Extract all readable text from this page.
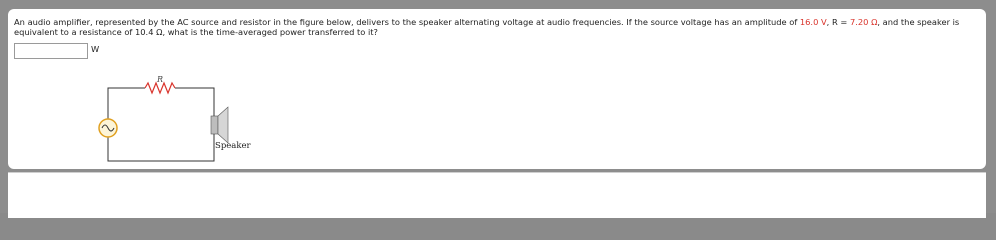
An audio amplifier, represented by the AC source and resistor in the figure below, delivers to the speaker alternating voltage at audio frequencies. If the source voltage has an amplitude of 16.0 V, R = 7.20 Ω, and the speaker is equivalent to a resistance of 10.4 Ω, what is the time-averaged power transferred to it?
W
R
Speaker
